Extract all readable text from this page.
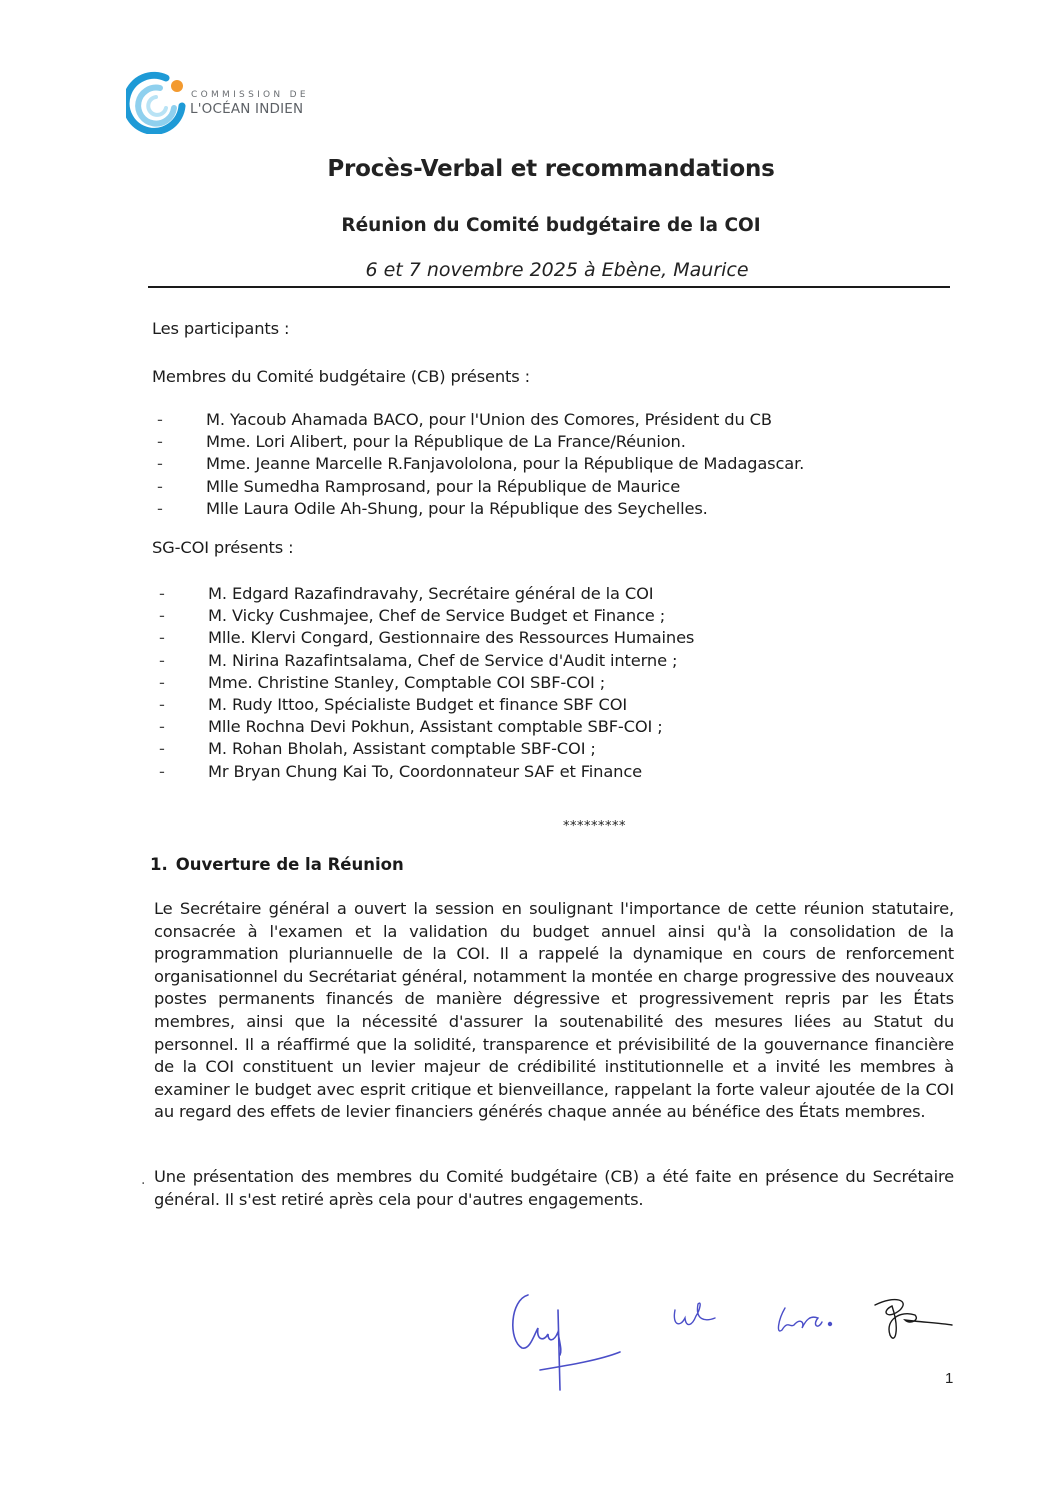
COMMISSION DE
L'OCÉAN INDIEN
Procès-Verbal et recommandations
Réunion du Comité budgétaire de la COI
6 et 7 novembre 2025 à Ebène, Maurice
Les participants :
Membres du Comité budgétaire (CB) présents :
-	M. Yacoub Ahamada BACO, pour l'Union des Comores, Président du CB
-	Mme. Lori Alibert, pour la République de La France/Réunion.
-	Mme. Jeanne Marcelle R.Fanjavololona, pour la République de Madagascar.
-	Mlle Sumedha Ramprosand, pour la République de Maurice
-	Mlle Laura Odile Ah-Shung, pour la République des Seychelles.
SG-COI présents :
-	M. Edgard Razafindravahy, Secrétaire général de la COI
-	M. Vicky Cushmajee, Chef de Service Budget et Finance ;
-	Mlle. Klervi Congard, Gestionnaire des Ressources Humaines
-	M. Nirina Razafintsalama, Chef de Service d'Audit interne ;
-	Mme. Christine Stanley, Comptable COI SBF-COI ;
-	M. Rudy Ittoo, Spécialiste Budget et finance SBF COI
-	Mlle Rochna Devi Pokhun, Assistant comptable SBF-COI ;
-	M. Rohan Bholah, Assistant comptable SBF-COI ;
-	Mr Bryan Chung Kai To, Coordonnateur SAF et Finance
*********
1. Ouverture de la Réunion
Le Secrétaire général a ouvert la session en soulignant l'importance de cette réunion statutaire, consacrée à l'examen et la validation du budget annuel ainsi qu'à la consolidation de la programmation pluriannuelle de la COI. Il a rappelé la dynamique en cours de renforcement organisationnel du Secrétariat général, notamment la montée en charge progressive des nouveaux postes permanents financés de manière dégressive et progressivement repris par les États membres, ainsi que la nécessité d'assurer la soutenabilité des mesures liées au Statut du personnel. Il a réaffirmé que la solidité, transparence et prévisibilité de la gouvernance financière de la COI constituent un levier majeur de crédibilité institutionnelle et a invité les membres à examiner le budget avec esprit critique et bienveillance, rappelant la forte valeur ajoutée de la COI au regard des effets de levier financiers générés chaque année au bénéfice des États membres.
. Une présentation des membres du Comité budgétaire (CB) a été faite en présence du Secrétaire général. Il s'est retiré après cela pour d'autres engagements.
1
